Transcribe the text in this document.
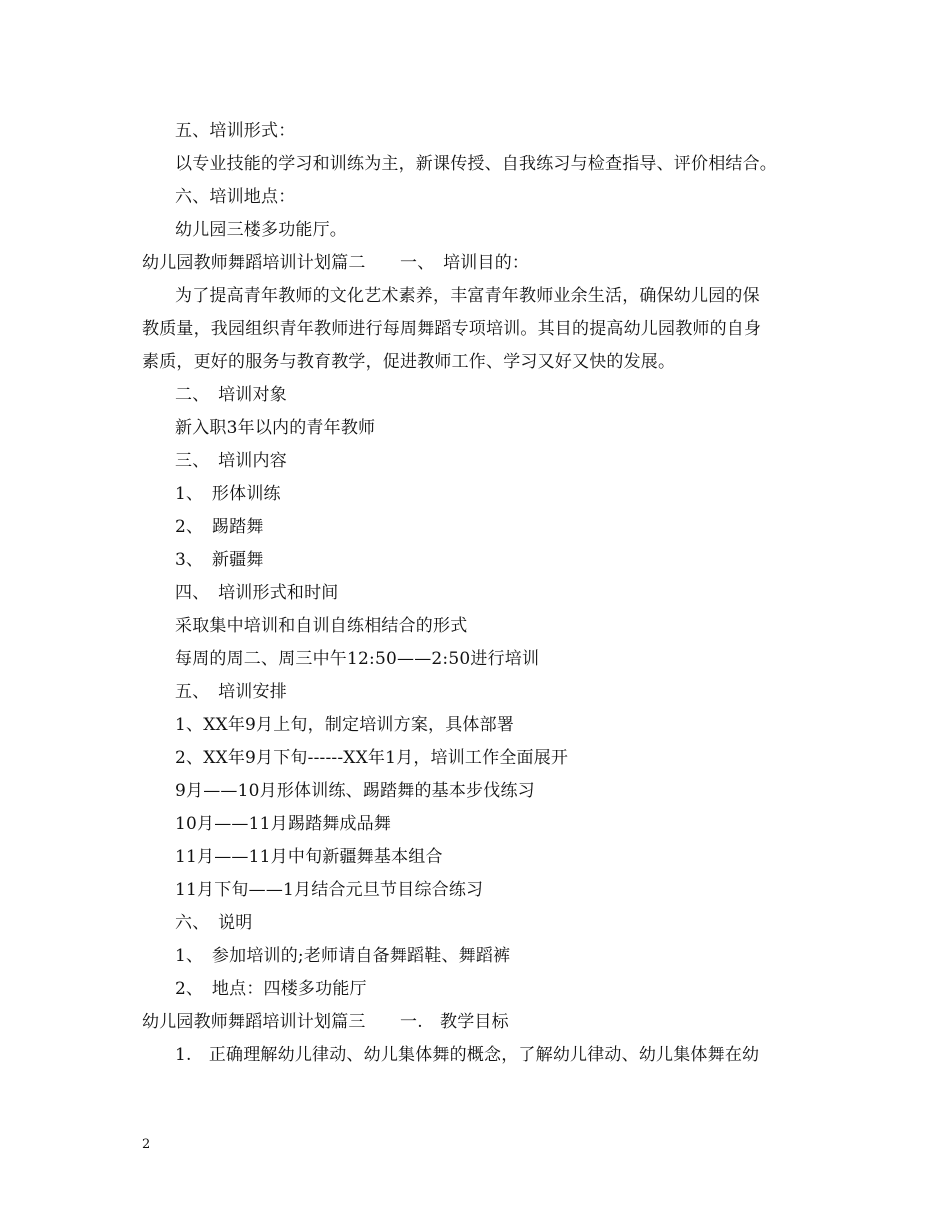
五、培训形式：
以专业技能的学习和训练为主，新课传授、自我练习与检查指导、评价相结合。
六、培训地点：
幼儿园三楼多功能厅。
幼儿园教师舞蹈培训计划篇二　　一、　培训目的：
为了提高青年教师的文化艺术素养，丰富青年教师业余生活，确保幼儿园的保
教质量，我园组织青年教师进行每周舞蹈专项培训。其目的提高幼儿园教师的自身
素质，更好的服务与教育教学，促进教师工作、学习又好又快的发展。
二、　培训对象
新入职3年以内的青年教师
三、　培训内容
1、　形体训练
2、　踢踏舞
3、　新疆舞
四、　培训形式和时间
采取集中培训和自训自练相结合的形式
每周的周二、周三中午12:50——2:50进行培训
五、　培训安排
1、XX年9月上旬，制定培训方案，具体部署
2、XX年9月下旬------XX年1月，培训工作全面展开
9月——10月形体训练、踢踏舞的基本步伐练习
10月——11月踢踏舞成品舞
11月——11月中旬新疆舞基本组合
11月下旬——1月结合元旦节目综合练习
六、　说明
1、　参加培训的;老师请自备舞蹈鞋、舞蹈裤
2、　地点：四楼多功能厅
幼儿园教师舞蹈培训计划篇三　　一.　教学目标
1.　正确理解幼儿律动、幼儿集体舞的概念，了解幼儿律动、幼儿集体舞在幼
2
